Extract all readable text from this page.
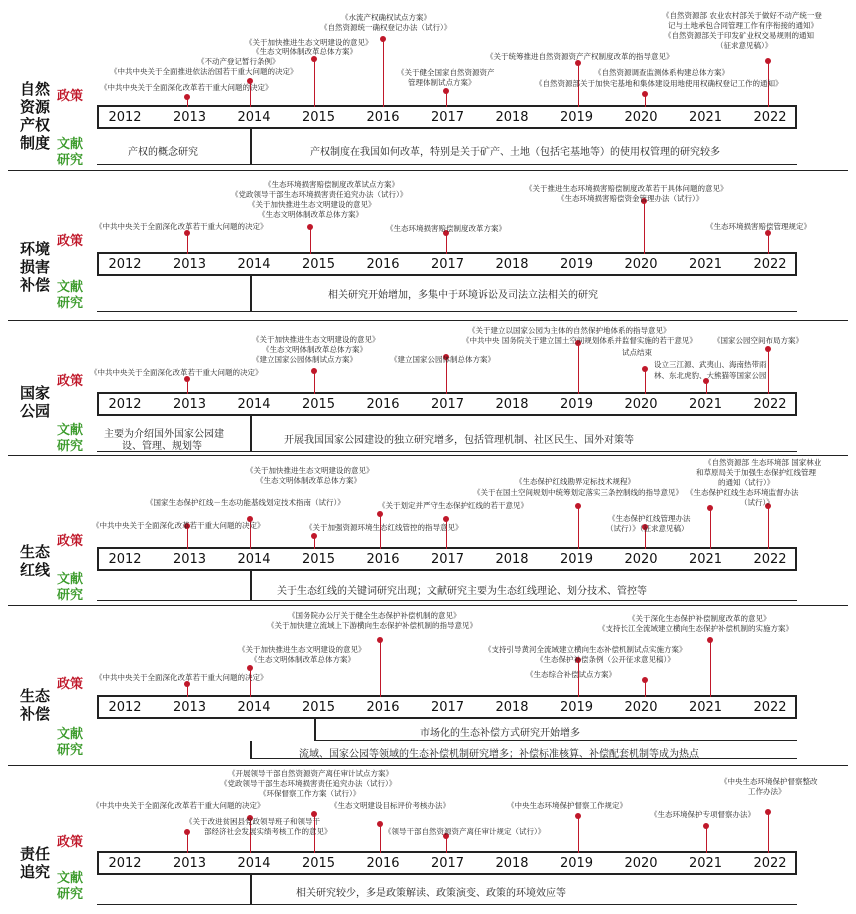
自然
资源
产权
制度
政策
文献
研究
2012 2013 2014 2015 2016 2017 2018 2019 2020 2021 2022
产权的概念研究	产权制度在我国如何改革，特别是关于矿产、土地（包括宅基地等）的使用权管理的研究较多
《中共中央关于全面深化改革若干重大问题的决定》
《中共中央关于全面推进依法治国若干重大问题的决定》
《不动产登记暂行条例》
《关于加快推进生态文明建设的意见》
《生态文明体制改革总体方案》
《水流产权确权试点方案》
《自然资源统一确权登记办法（试行）》
《关于健全国家自然资源资产
管理体制试点方案》
《关于统筹推进自然资源资产产权制度改革的指导意见》
《自然资源调查监测体系构建总体方案》
《自然资源部关于加快宅基地和集体建设用地使用权确权登记工作的通知》
《自然资源部 农业农村部关于做好不动产统一登
记与土地承包合同管理工作有序衔接的通知》
《自然资源部关于印发矿业权交易规则的通知
（征求意见稿）》
环境
损害
补偿
政策
文献
研究
2012 2013 2014 2015 2016 2017 2018 2019 2020 2021 2022
相关研究开始增加，多集中于环境诉讼及司法立法相关的研究
《中共中央关于全面深化改革若干重大问题的决定》
《生态环境损害赔偿制度改革试点方案》
《党政领导干部生态环境损害责任追究办法（试行）》
《关于加快推进生态文明建设的意见》
《生态文明体制改革总体方案》
《生态环境损害赔偿制度改革方案》
《关于推进生态环境损害赔偿制度改革若干具体问题的意见》
《生态环境损害赔偿资金管理办法（试行）》
《生态环境损害赔偿管理规定》
国家
公园
政策
文献
研究
2012 2013 2014 2015 2016 2017 2018 2019 2020 2021 2022
主要为介绍国外国家公园建
设、管理、规划等
开展我国国家公园建设的独立研究增多，包括管理机制、社区民生、国外对策等
《中共中央关于全面深化改革若干重大问题的决定》
《关于加快推进生态文明建设的意见》
《生态文明体制改革总体方案》
《建立国家公园体制试点方案》	《建立国家公园体制总体方案》
《关于建立以国家公园为主体的自然保护地体系的指导意见》
《中共中央 国务院关于建立国土空间规划体系并监督实施的若干意见》
试点结束
设立三江源、武夷山、海南热带雨
林、东北虎豹、大熊猫等国家公园
《国家公园空间布局方案》
生态
红线
政策
文献
研究
2012 2013 2014 2015 2016 2017 2018 2019 2020 2021 2022
关于生态红线的关键词研究出现；文献研究主要为生态红线理论、划分技术、管控等
《中共中央关于全面深化改革若干重大问题的决定》
《国家生态保护红线－生态功能基线划定技术指南（试行）》
《关于加快推进生态文明建设的意见》
《生态文明体制改革总体方案》
《关于加强资源环境生态红线管控的指导意见》
《关于划定并严守生态保护红线的若干意见》
《生态保护红线勘界定标技术规程》
《关于在国土空间规划中统筹划定落实三条控制线的指导意见》
《生态保护红线管理办法
（试行）》（征求意见稿）
《自然资源部 生态环境部 国家林业
和草原局关于加强生态保护红线管理
的通知（试行）》
《生态保护红线生态环境监督办法
（试行）》
生态
补偿
政策
文献
研究
2012 2013 2014 2015 2016 2017 2018 2019 2020 2021 2022
市场化的生态补偿方式研究开始增多
流域、国家公园等领域的生态补偿机制研究增多；补偿标准核算、补偿配套机制等成为热点
《中共中央关于全面深化改革若干重大问题的决定》
《关于加快推进生态文明建设的意见》
《生态文明体制改革总体方案》
《国务院办公厅关于健全生态保护补偿机制的意见》
《关于加快建立流域上下游横向生态保护补偿机制的指导意见》
《支持引导黄河全流域建立横向生态补偿机制试点实施方案》
《生态保护补偿条例（公开征求意见稿）》
《生态综合补偿试点方案》
《关于深化生态保护补偿制度改革的意见》
《支持长江全流域建立横向生态保护补偿机制的实施方案》
责任
追究
政策
文献
研究
2012 2013 2014 2015 2016 2017 2018 2019 2020 2021 2022
相关研究较少，多是政策解读、政策演变、政策的环境效应等
《中共中央关于全面深化改革若干重大问题的决定》
《关于改进贫困县党政领导班子和领导干
部经济社会发展实绩考核工作的意见》
《开展领导干部自然资源资产离任审计试点方案》
《党政领导干部生态环境损害责任追究办法（试行）》
《环保督察工作方案（试行）》
《生态文明建设目标评价考核办法》
《领导干部自然资源资产离任审计规定（试行）》
《中央生态环境保护督察工作规定》
《生态环境保护专项督察办法》
《中央生态环境保护督察整改
工作办法》
